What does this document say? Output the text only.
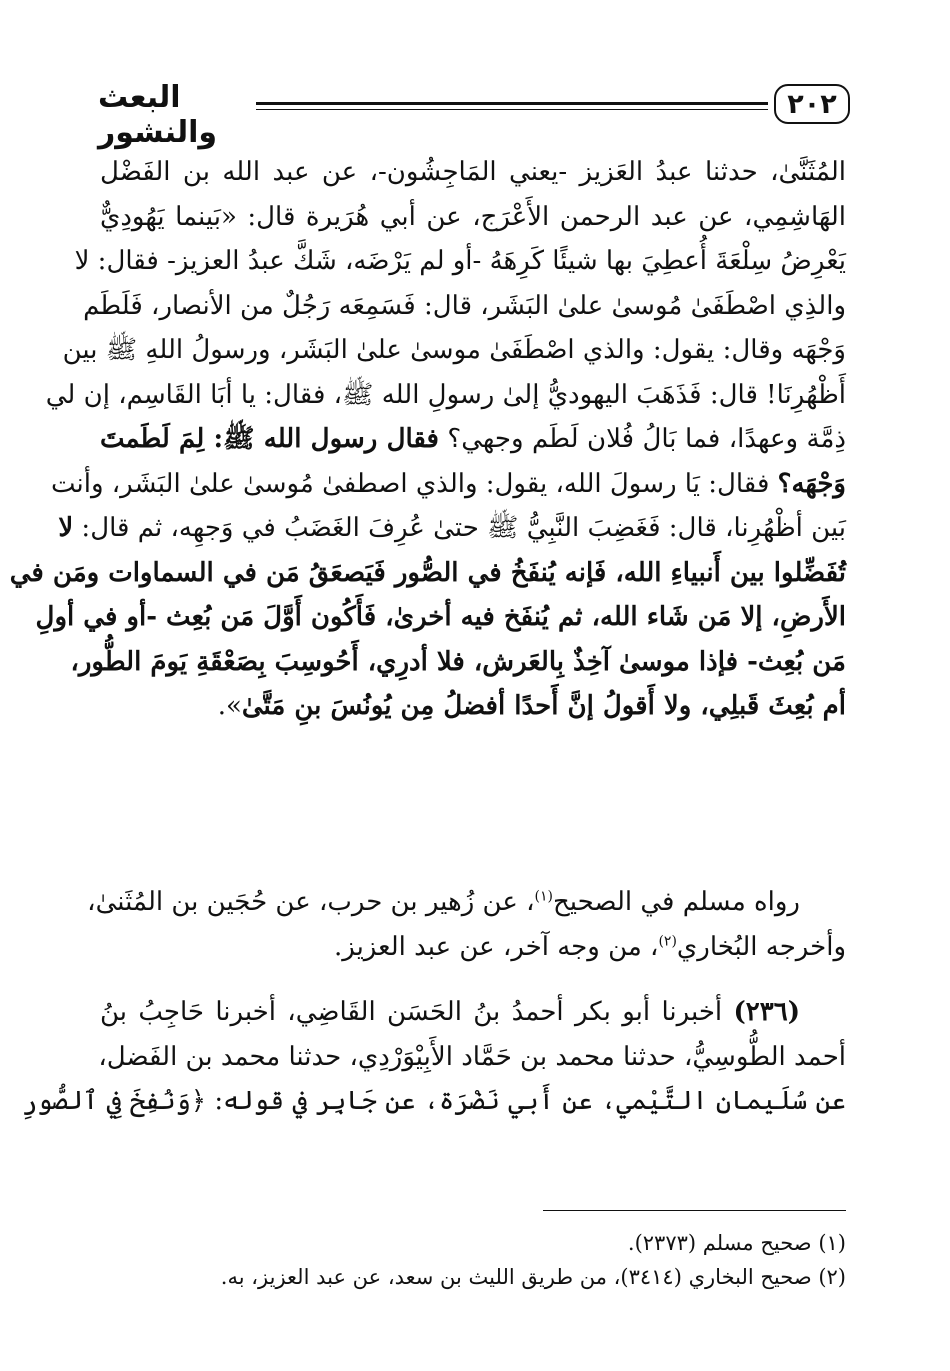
٢٠٢
البعث والنشور

المُثَنَّىٰ، حدثنا عبدُ العَزيز -يعني المَاجِشُون-، عن عبد الله بن الفَضْل
الهَاشِمِي، عن عبد الرحمن الأَعْرَج، عن أبي هُرَيرة قال: «بَينما يَهُودِيٌّ
يَعْرِضُ سِلْعَةَ أُعطِيَ بها شيئًا كَرِهَهُ -أو لم يَرْضَه، شَكَّ عبدُ العزيز- فقال: لا
والذِي اصْطَفَىٰ مُوسىٰ علىٰ البَشَر، قال: فَسَمِعَه رَجُلٌ من الأنصار، فَلَطَم
وَجْهَه وقال: يقول: والذي اصْطَفَىٰ موسىٰ علىٰ البَشَر، ورسولُ اللهِ ﷺ بين
أَظْهُرِنَا! قال: فَذَهَبَ اليهوديُّ إلىٰ رسولِ الله ﷺ، فقال: يا أبَا القَاسِم، إن لي
ذِمَّة وعهدًا، فما بَالُ فُلان لَطَم وجهي؟ فقال رسول الله ﷺ: لِمَ لَطَمتَ
وَجْهَه؟ فقال: يَا رسولَ الله، يقول: والذي اصطفىٰ مُوسىٰ علىٰ البَشَر، وأنت
بَين أظْهُرِنا، قال: فَغَضِبَ النَّبِيُّ ﷺ حتىٰ عُرِفَ الغَضَبُ في وَجهِه، ثم قال: لا
تُفَضِّلوا بين أَنبياءِ الله، فَإنه يُنفَخُ في الصُّور فَيَصعَقُ مَن في السماوات ومَن في
الأَرضِ، إلا مَن شَاء الله، ثم يُنفَخ فيه أخرىٰ، فَأَكُون أَوَّلَ مَن بُعِث -أو في أولِ
مَن بُعِث- فإذا موسىٰ آخِذٌ بِالعَرش، فلا أدرِي، أَحُوسِبَ بِصَعْقَةِ يَومَ الطُّور،
أم بُعِثَ قَبلِي، ولا أَقولُ إنَّ أَحدًا أفضلُ مِن يُونُسَ بنِ مَتَّىٰ».

رواه مسلم في الصحيح$^{(١)}$، عن زُهير بن حرب، عن حُجَين بن المُثَنىٰ،
وأخرجه البُخاري$^{(٢)}$، من وجه آخر، عن عبد العزيز.
(٢٣٦) أخبرنا أبو بكر أحمدُ بنُ الحَسَن القَاضِي، أخبرنا حَاجِبُ بنُ
أحمد الطُّوسِيُّ، حدثنا محمد بن حَمَّاد الأَبِيْوَرْدِي، حدثنا محمد بن الفَضل،
عن سُلَيمان التَّيْمي، عن أَبي نَضْرَة، عن جَابِر في قوله: ﴿وَنُفِخَ فِي ٱلصُّورِ
(١) صحيح مسلم (٢٣٧٣).
(٢) صحيح البخاري (٣٤١٤)، من طريق الليث بن سعد، عن عبد العزيز، به.
